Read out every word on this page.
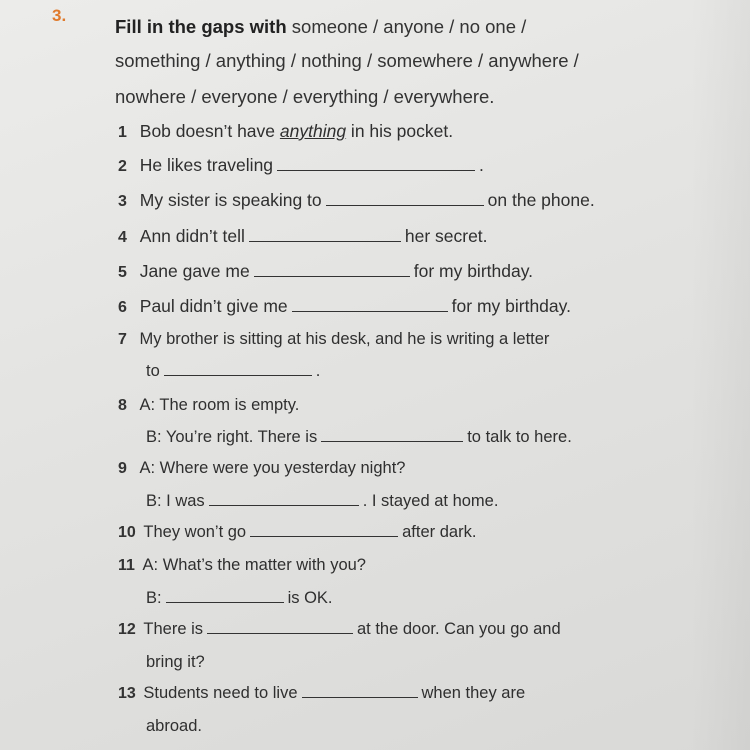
3.
Fill in the gaps with someone / anyone / no one /
something / anything / nothing / somewhere / anywhere /
nowhere / everyone / everything / everywhere.
1 Bob doesn’t have anything in his pocket.
2 He likes traveling	.
3 My sister is speaking to	on the phone.
4 Ann didn’t tell	her secret.
5 Jane gave me	for my birthday.
6 Paul didn’t give me	for my birthday.
7 My brother is sitting at his desk, and he is writing a letter
to	.
8 A: The room is empty.
B: You’re right. There is	to talk to here.
9 A: Where were you yesterday night?
B: I was	. I stayed at home.
10 They won’t go	after dark.
11 A: What’s the matter with you?
B:	is OK.
12 There is	at the door. Can you go and
bring it?
13 Students need to live	when they are
abroad.
